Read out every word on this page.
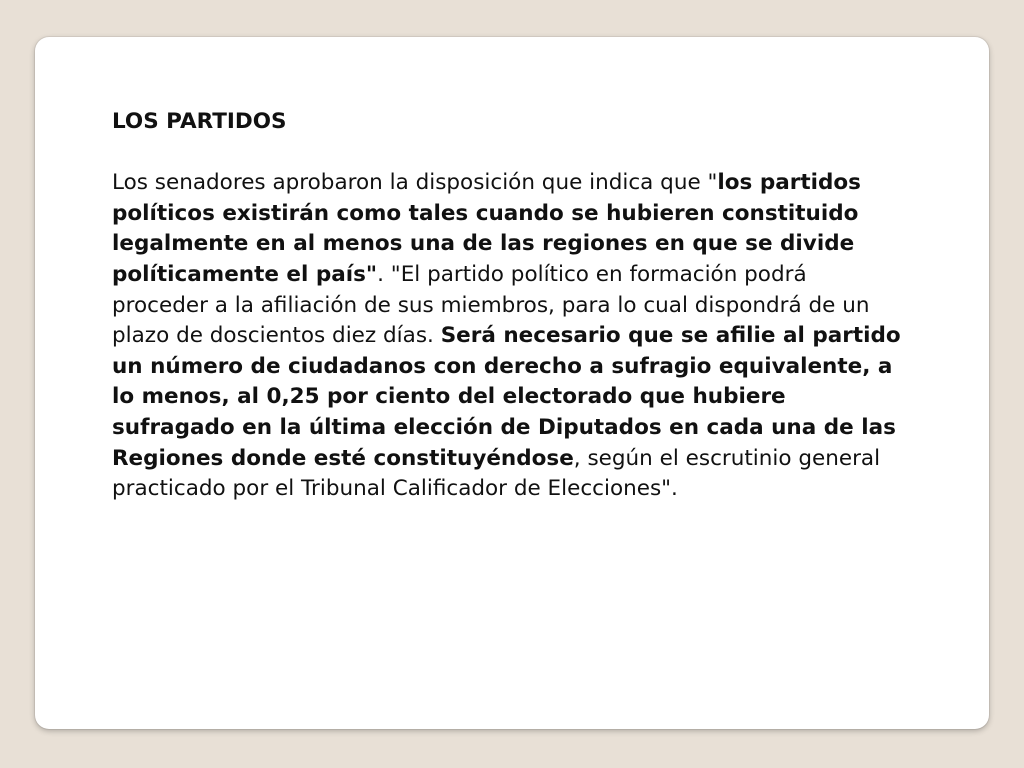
LOS PARTIDOS

Los senadores aprobaron la disposición que indica que "los partidos políticos existirán como tales cuando se hubieren constituido legalmente en al menos una de las regiones en que se divide políticamente el país". "El partido político en formación podrá proceder a la afiliación de sus miembros, para lo cual dispondrá de un plazo de doscientos diez días. Será necesario que se afilie al partido un número de ciudadanos con derecho a sufragio equivalente, a lo menos, al 0,25 por ciento del electorado que hubiere sufragado en la última elección de Diputados en cada una de las Regiones donde esté constituyéndose, según el escrutinio general practicado por el Tribunal Calificador de Elecciones".
